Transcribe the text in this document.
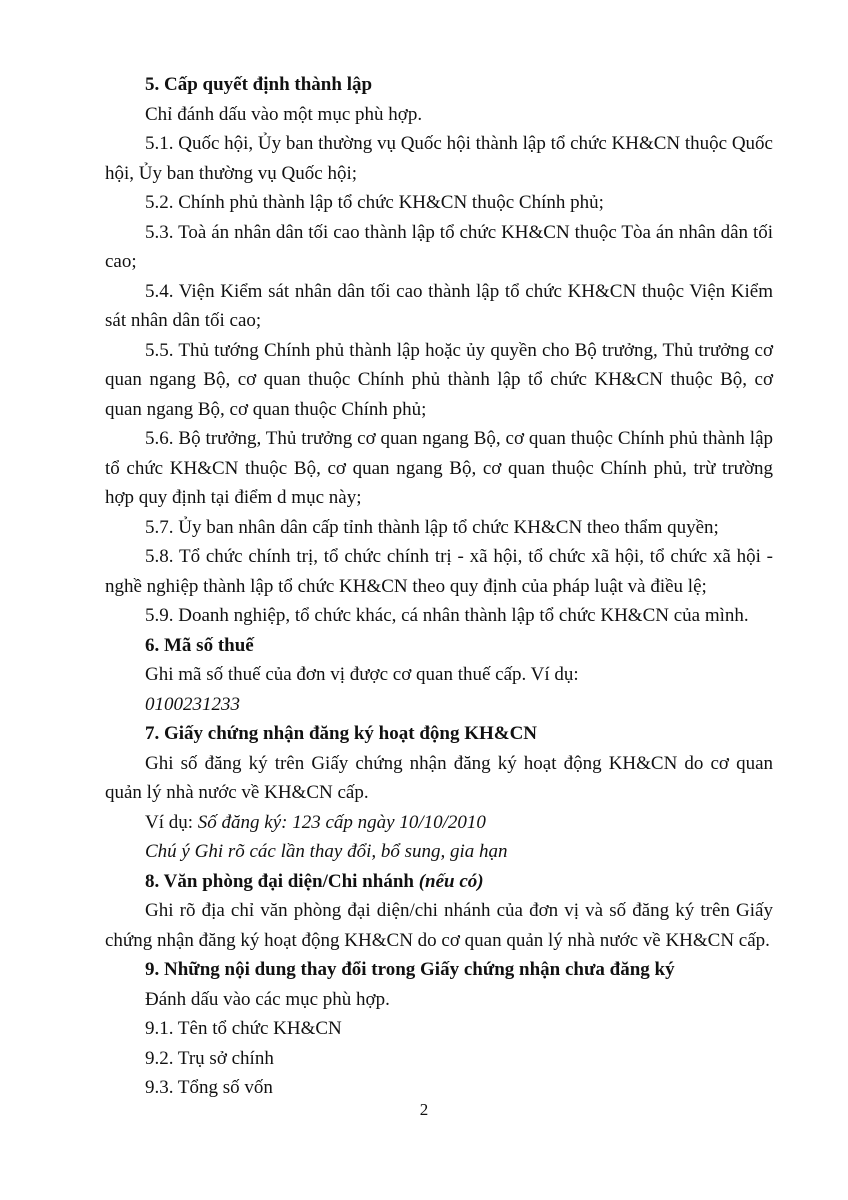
5. Cấp quyết định thành lập

Chỉ đánh dấu vào một mục phù hợp.

5.1. Quốc hội, Ủy ban thường vụ Quốc hội thành lập tổ chức KH&CN thuộc Quốc hội, Ủy ban thường vụ Quốc hội;

5.2. Chính phủ thành lập tổ chức KH&CN thuộc Chính phủ;

5.3. Toà án nhân dân tối cao thành lập tổ chức KH&CN thuộc Tòa án nhân dân tối cao;

5.4. Viện Kiểm sát nhân dân tối cao thành lập tổ chức KH&CN thuộc Viện Kiểm sát nhân dân tối cao;

5.5. Thủ tướng Chính phủ thành lập hoặc ủy quyền cho Bộ trưởng, Thủ trưởng cơ quan ngang Bộ, cơ quan thuộc Chính phủ thành lập tổ chức KH&CN thuộc Bộ, cơ quan ngang Bộ, cơ quan thuộc Chính phủ;

5.6. Bộ trưởng, Thủ trưởng cơ quan ngang Bộ, cơ quan thuộc Chính phủ thành lập tổ chức KH&CN thuộc Bộ, cơ quan ngang Bộ, cơ quan thuộc Chính phủ, trừ trường hợp quy định tại điểm d mục này;

5.7. Ủy ban nhân dân cấp tỉnh thành lập tổ chức KH&CN theo thẩm quyền;

5.8. Tổ chức chính trị, tổ chức chính trị - xã hội, tổ chức xã hội, tổ chức xã hội - nghề nghiệp thành lập tổ chức KH&CN theo quy định của pháp luật và điều lệ;

5.9. Doanh nghiệp, tổ chức khác, cá nhân thành lập tổ chức KH&CN của mình.

6. Mã số thuế

Ghi mã số thuế của đơn vị được cơ quan thuế cấp. Ví dụ:

0100231233

7. Giấy chứng nhận đăng ký hoạt động KH&CN

Ghi số đăng ký trên Giấy chứng nhận đăng ký hoạt động KH&CN do cơ quan quản lý nhà nước về KH&CN cấp.

Ví dụ: Số đăng ký: 123 cấp ngày 10/10/2010

Chú ý Ghi rõ các lần thay đổi, bổ sung, gia hạn

8. Văn phòng đại diện/Chi nhánh (nếu có)

Ghi rõ địa chỉ văn phòng đại diện/chi nhánh của đơn vị và số đăng ký trên Giấy chứng nhận đăng ký hoạt động KH&CN do cơ quan quản lý nhà nước về KH&CN cấp.

9. Những nội dung thay đổi trong Giấy chứng nhận chưa đăng ký

Đánh dấu vào các mục phù hợp.

9.1. Tên tổ chức KH&CN

9.2. Trụ sở chính

9.3. Tổng số vốn

2
